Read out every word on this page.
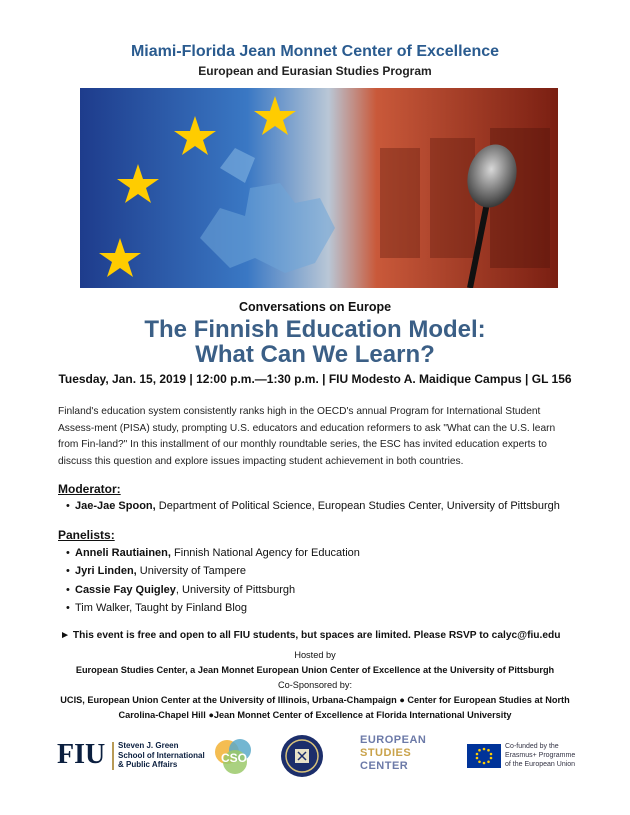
Miami-Florida Jean Monnet Center of Excellence
European and Eurasian Studies Program
Conversations on Europe
The Finnish Education Model:
What Can We Learn?
Tuesday, Jan. 15, 2019 | 12:00 p.m.—1:30 p.m. | FIU Modesto A. Maidique Campus | GL 156
Finland's education system consistently ranks high in the OECD's annual Program for International Student Assess-ment (PISA) study, prompting U.S. educators and education reformers to ask "What can the U.S. learn from Fin-land?" In this installment of our monthly roundtable series, the ESC has invited education experts to discuss this question and explore issues impacting student achievement in both countries.
Moderator:
• Jae-Jae Spoon, Department of Political Science, European Studies Center, University of Pittsburgh
Panelists:
• Anneli Rautiainen, Finnish National Agency for Education
• Jyri Linden, University of Tampere
• Cassie Fay Quigley, University of Pittsburgh
• Tim Walker, Taught by Finland Blog
► This event is free and open to all FIU students, but spaces are limited. Please RSVP to calyc@fiu.edu
Hosted by
European Studies Center, a Jean Monnet European Union Center of Excellence at the University of Pittsburgh
Co-Sponsored by:
UCIS, European Union Center at the University of Illinois, Urbana-Champaign ● Center for European Studies at North
Carolina-Chapel Hill ●Jean Monnet Center of Excellence at Florida International University
FIU Steven J. Green
School of International
& Public Affairs	CSO
EUROPEAN
STUDIES
CENTER
Co-funded by the
Erasmus+ Programme
of the European Union
